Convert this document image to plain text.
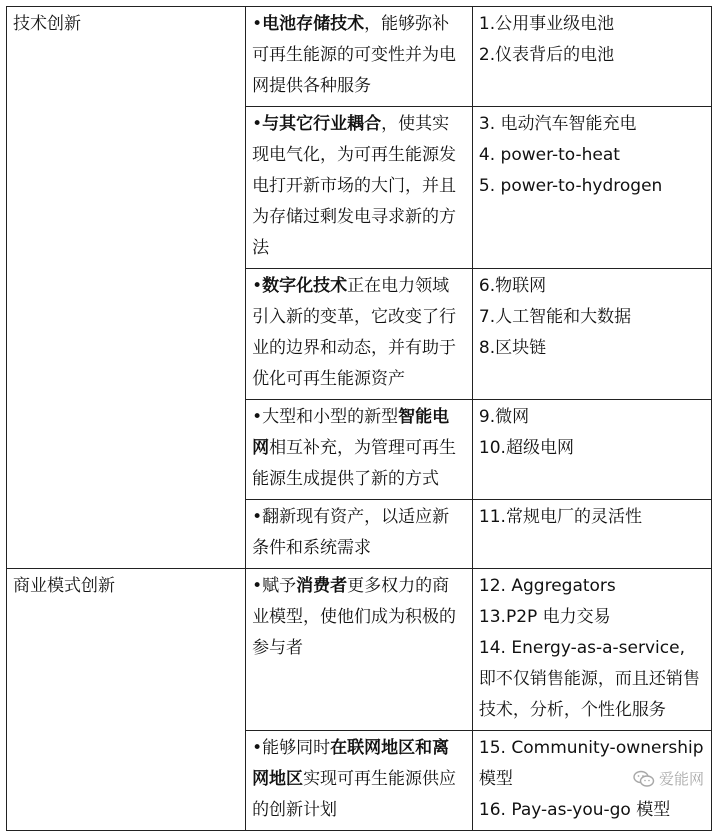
技术创新	•电池存储技术，能够弥补可再生能源的可变性并为电网提供各种服务	1.公用事业级电池
2.仪表背后的电池

	•与其它行业耦合，使其实现电气化，为可再生能源发电打开新市场的大门，并且为存储过剩发电寻求新的方法	3. 电动汽车智能充电
4. power-to-heat
5. power-to-hydrogen

	•数字化技术正在电力领域引入新的变革，它改变了行业的边界和动态，并有助于优化可再生能源资产	6.物联网
7.人工智能和大数据
8.区块链

	•大型和小型的新型智能电网相互补充，为管理可再生能源生成提供了新的方式	9.微网
10.超级电网

	•翻新现有资产，以适应新条件和系统需求	11.常规电厂的灵活性

商业模式创新	•赋予消费者更多权力的商业模型，使他们成为积极的参与者	12. Aggregators
13.P2P 电力交易
14. Energy-as-a-service, 即不仅销售能源，而且还销售技术，分析，个性化服务

	•能够同时在联网地区和离网地区实现可再生能源供应的创新计划	15. Community-ownership 模型
16. Pay-as-you-go 模型
爱能网
